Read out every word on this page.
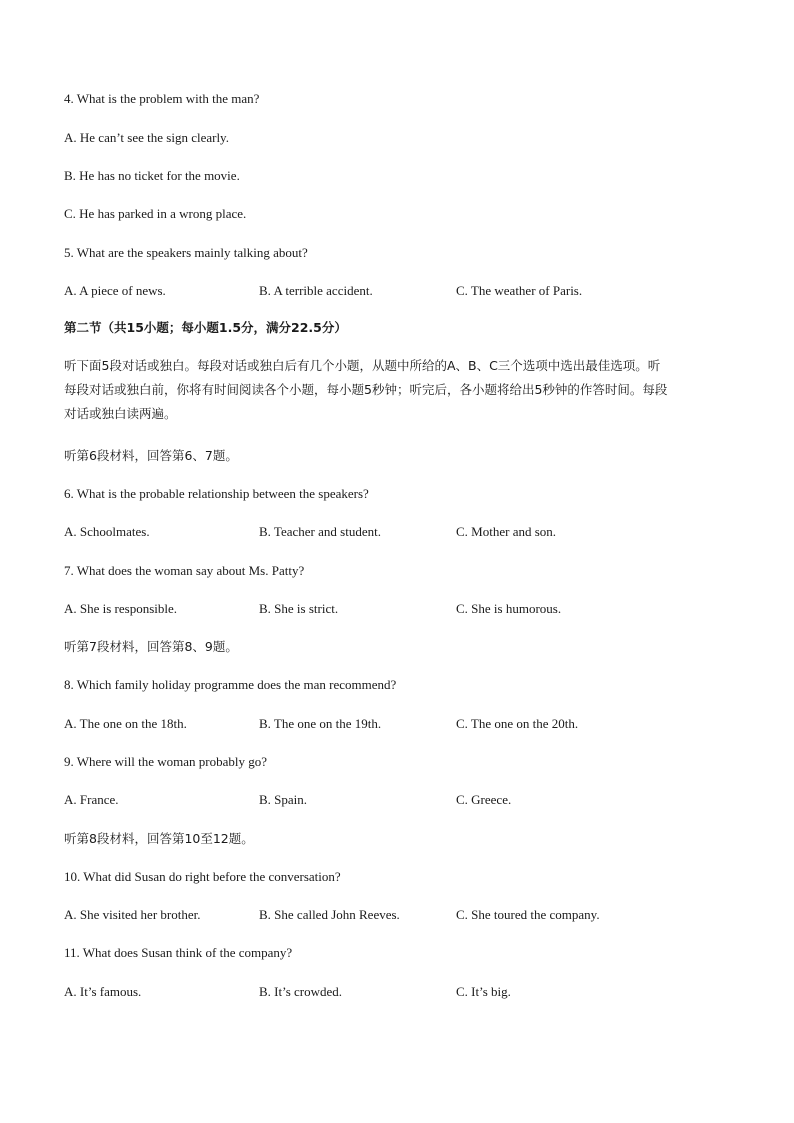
4. What is the problem with the man?
A. He can’t see the sign clearly.
B. He has no ticket for the movie.
C. He has parked in a wrong place.
5. What are the speakers mainly talking about?
A. A piece of news.	B. A terrible accident.	C. The weather of Paris.
第二节（共15小题；每小题1.5分，满分22.5分）
听下面5段对话或独白。每段对话或独白后有几个小题，从题中所给的A、B、C三个选项中选出最佳选项。听
每段对话或独白前，你将有时间阅读各个小题，每小题5秒钟；听完后，各小题将给出5秒钟的作答时间。每段
对话或独白读两遍。
听第6段材料，回答第6、7题。
6. What is the probable relationship between the speakers?
A. Schoolmates.	B. Teacher and student.	C. Mother and son.
7. What does the woman say about Ms. Patty?
A. She is responsible.	B. She is strict.	C. She is humorous.
听第7段材料，回答第8、9题。
8. Which family holiday programme does the man recommend?
A. The one on the 18th.	B. The one on the 19th.	C. The one on the 20th.
9. Where will the woman probably go?
A. France.	B. Spain.	C. Greece.
听第8段材料，回答第10至12题。
10. What did Susan do right before the conversation?
A. She visited her brother.	B. She called John Reeves.	C. She toured the company.
11. What does Susan think of the company?
A. It’s famous.	B. It’s crowded.	C. It’s big.
